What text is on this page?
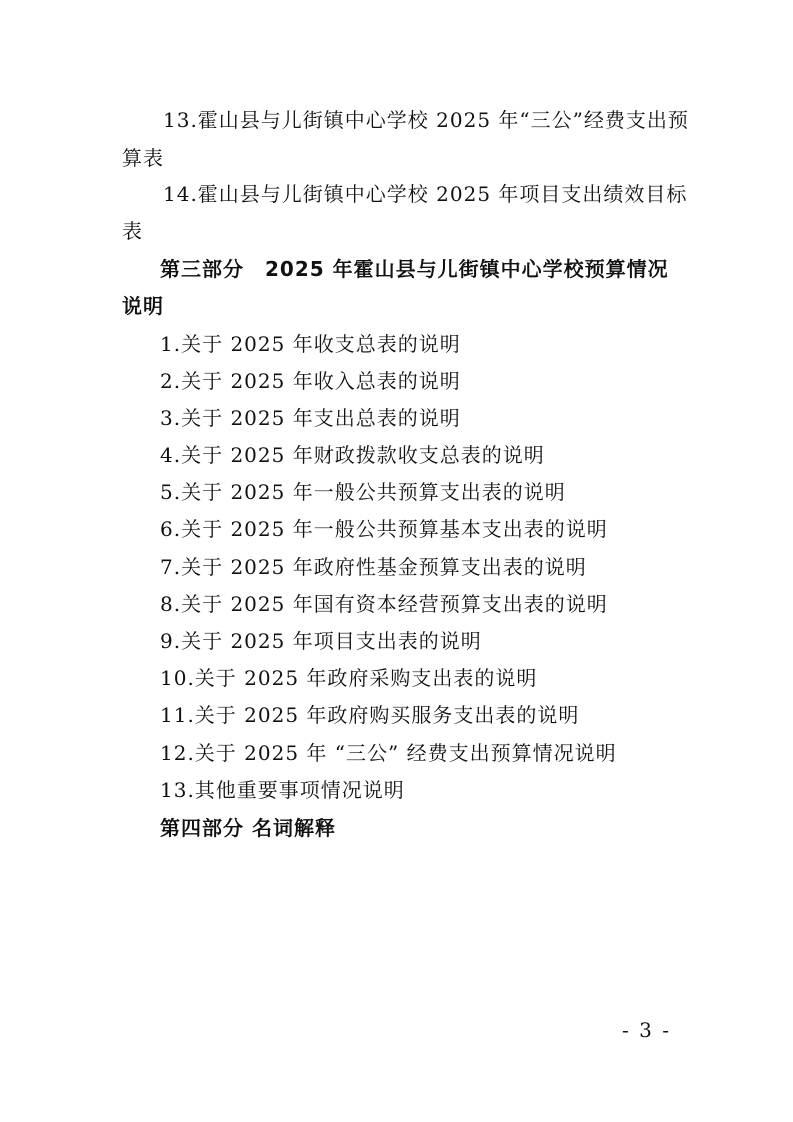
13.霍山县与儿街镇中心学校 2025 年“三公”经费支出预
算表
14.霍山县与儿街镇中心学校 2025 年项目支出绩效目标
表
第三部分　2025 年霍山县与儿街镇中心学校预算情况
说明
1.关于 2025 年收支总表的说明
2.关于 2025 年收入总表的说明
3.关于 2025 年支出总表的说明
4.关于 2025 年财政拨款收支总表的说明
5.关于 2025 年一般公共预算支出表的说明
6.关于 2025 年一般公共预算基本支出表的说明
7.关于 2025 年政府性基金预算支出表的说明
8.关于 2025 年国有资本经营预算支出表的说明
9.关于 2025 年项目支出表的说明
10.关于 2025 年政府采购支出表的说明
11.关于 2025 年政府购买服务支出表的说明
12.关于 2025 年 “三公” 经费支出预算情况说明
13.其他重要事项情况说明
第四部分 名词解释
- 3 -
